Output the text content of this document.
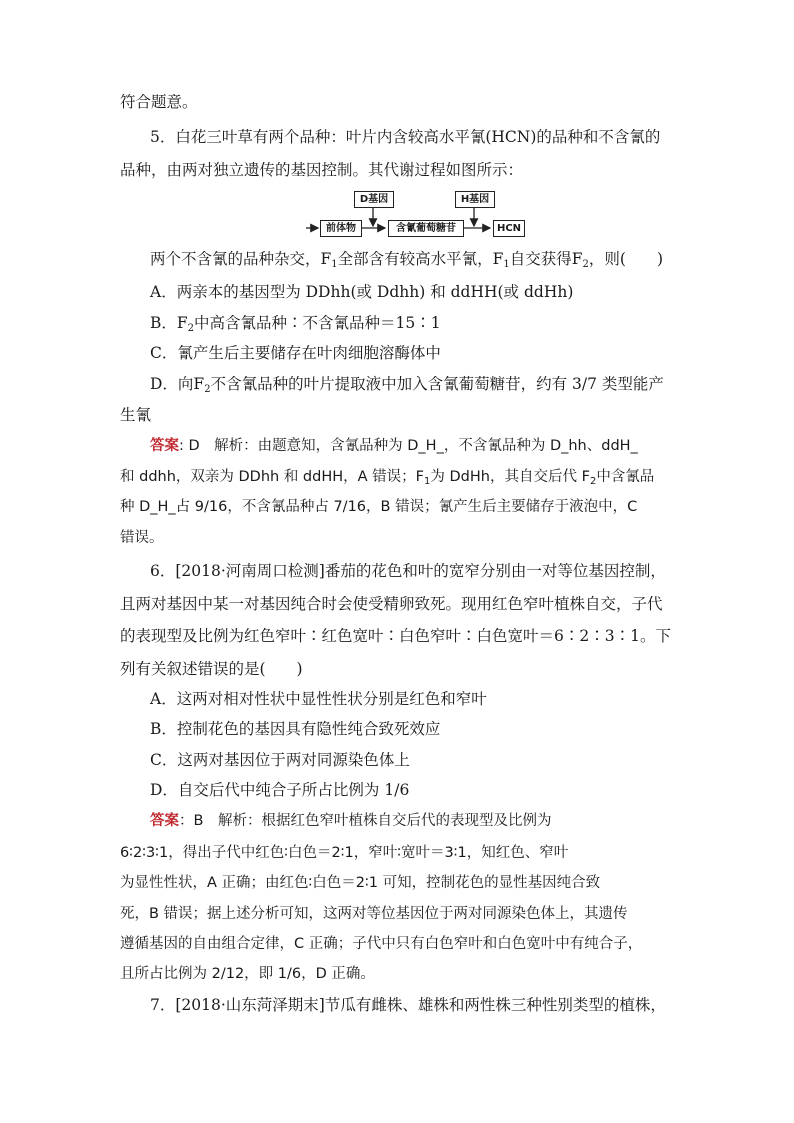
符合题意。
5．白花三叶草有两个品种：叶片内含较高水平氰(HCN)的品种和不含氰的
品种，由两对独立遗传的基因控制。其代谢过程如图所示：
D基因	H基因
前体物	含氰葡萄糖苷	HCN
两个不含氰的品种杂交，$F_1$全部含有较高水平氰，$F_1$自交获得$F_2$，则(　　)
A．两亲本的基因型为 DDhh(或 Ddhh) 和 ddHH(或 ddHh)
B．$F_2$中高含氰品种∶不含氰品种＝15∶1
C．氰产生后主要储存在叶肉细胞溶酶体中
D．向$F_2$不含氰品种的叶片提取液中加入含氰葡萄糖苷，约有 3/7 类型能产
生氰
答案: D　解析：由题意知，含氰品种为 D_H_，不含氰品种为 D_hh、ddH_
和 ddhh，双亲为 DDhh 和 ddHH，A 错误；$F_1$为 DdHh，其自交后代 $F_2$中含氰品
种 D_H_占 9/16，不含氰品种占 7/16，B 错误；氰产生后主要储存于液泡中，C
错误。
6．[2018·河南周口检测]番茄的花色和叶的宽窄分别由一对等位基因控制，
且两对基因中某一对基因纯合时会使受精卵致死。现用红色窄叶植株自交，子代
的表现型及比例为红色窄叶∶红色宽叶∶白色窄叶∶白色宽叶＝6∶2∶3∶1。下
列有关叙述错误的是(　　)
A．这两对相对性状中显性性状分别是红色和窄叶
B．控制花色的基因具有隐性纯合致死效应
C．这两对基因位于两对同源染色体上
D．自交后代中纯合子所占比例为 1/6
答案：B　解析：根据红色窄叶植株自交后代的表现型及比例为
6∶2∶3∶1，得出子代中红色∶白色＝2∶1，窄叶∶宽叶＝3∶1，知红色、窄叶
为显性性状，A 正确；由红色∶白色＝2∶1 可知，控制花色的显性基因纯合致
死，B 错误；据上述分析可知，这两对等位基因位于两对同源染色体上，其遗传
遵循基因的自由组合定律，C 正确；子代中只有白色窄叶和白色宽叶中有纯合子，
且所占比例为 2/12，即 1/6，D 正确。
7．[2018·山东菏泽期末]节瓜有雌株、雄株和两性株三种性别类型的植株，
